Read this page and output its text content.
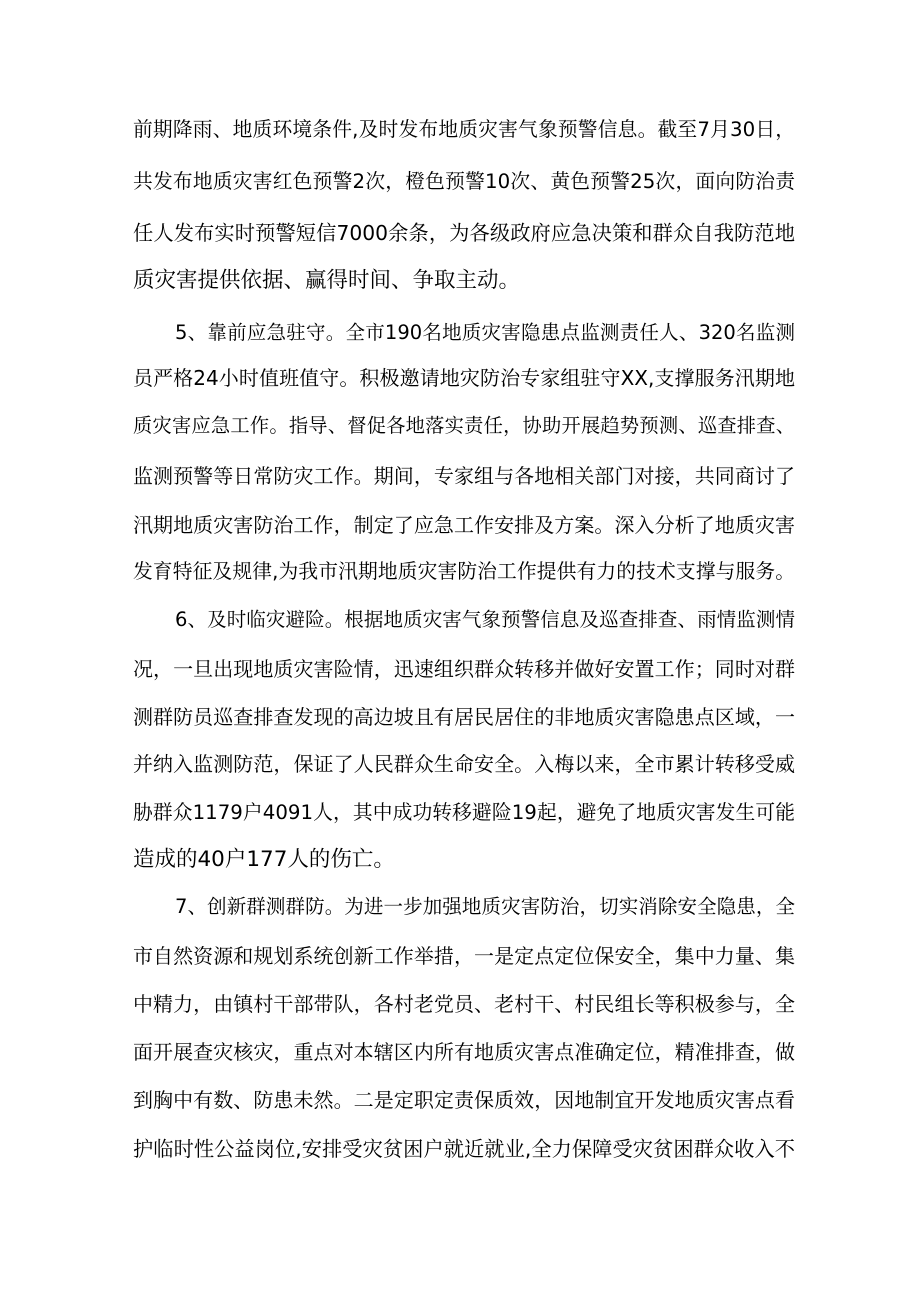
前期降雨、地质环境条件,及时发布地质灾害气象预警信息。截至7月30日，
共发布地质灾害红色预警2次，橙色预警10次、黄色预警25次，面向防治责
任人发布实时预警短信7000余条，为各级政府应急决策和群众自我防范地
质灾害提供依据、赢得时间、争取主动。
5、靠前应急驻守。全市190名地质灾害隐患点监测责任人、320名监测
员严格24小时值班值守。积极邀请地灾防治专家组驻守XX,支撑服务汛期地
质灾害应急工作。指导、督促各地落实责任，协助开展趋势预测、巡查排查、
监测预警等日常防灾工作。期间，专家组与各地相关部门对接，共同商讨了
汛期地质灾害防治工作，制定了应急工作安排及方案。深入分析了地质灾害
发育特征及规律,为我市汛期地质灾害防治工作提供有力的技术支撑与服务。
6、及时临灾避险。根据地质灾害气象预警信息及巡查排查、雨情监测情
况，一旦出现地质灾害险情，迅速组织群众转移并做好安置工作；同时对群
测群防员巡查排查发现的高边坡且有居民居住的非地质灾害隐患点区域，一
并纳入监测防范，保证了人民群众生命安全。入梅以来，全市累计转移受威
胁群众1179户4091人，其中成功转移避险19起，避免了地质灾害发生可能
造成的40户177人的伤亡。
7、创新群测群防。为进一步加强地质灾害防治，切实消除安全隐患，全
市自然资源和规划系统创新工作举措，一是定点定位保安全，集中力量、集
中精力，由镇村干部带队，各村老党员、老村干、村民组长等积极参与，全
面开展查灾核灾，重点对本辖区内所有地质灾害点准确定位，精准排查，做
到胸中有数、防患未然。二是定职定责保质效，因地制宜开发地质灾害点看
护临时性公益岗位,安排受灾贫困户就近就业,全力保障受灾贫困群众收入不
